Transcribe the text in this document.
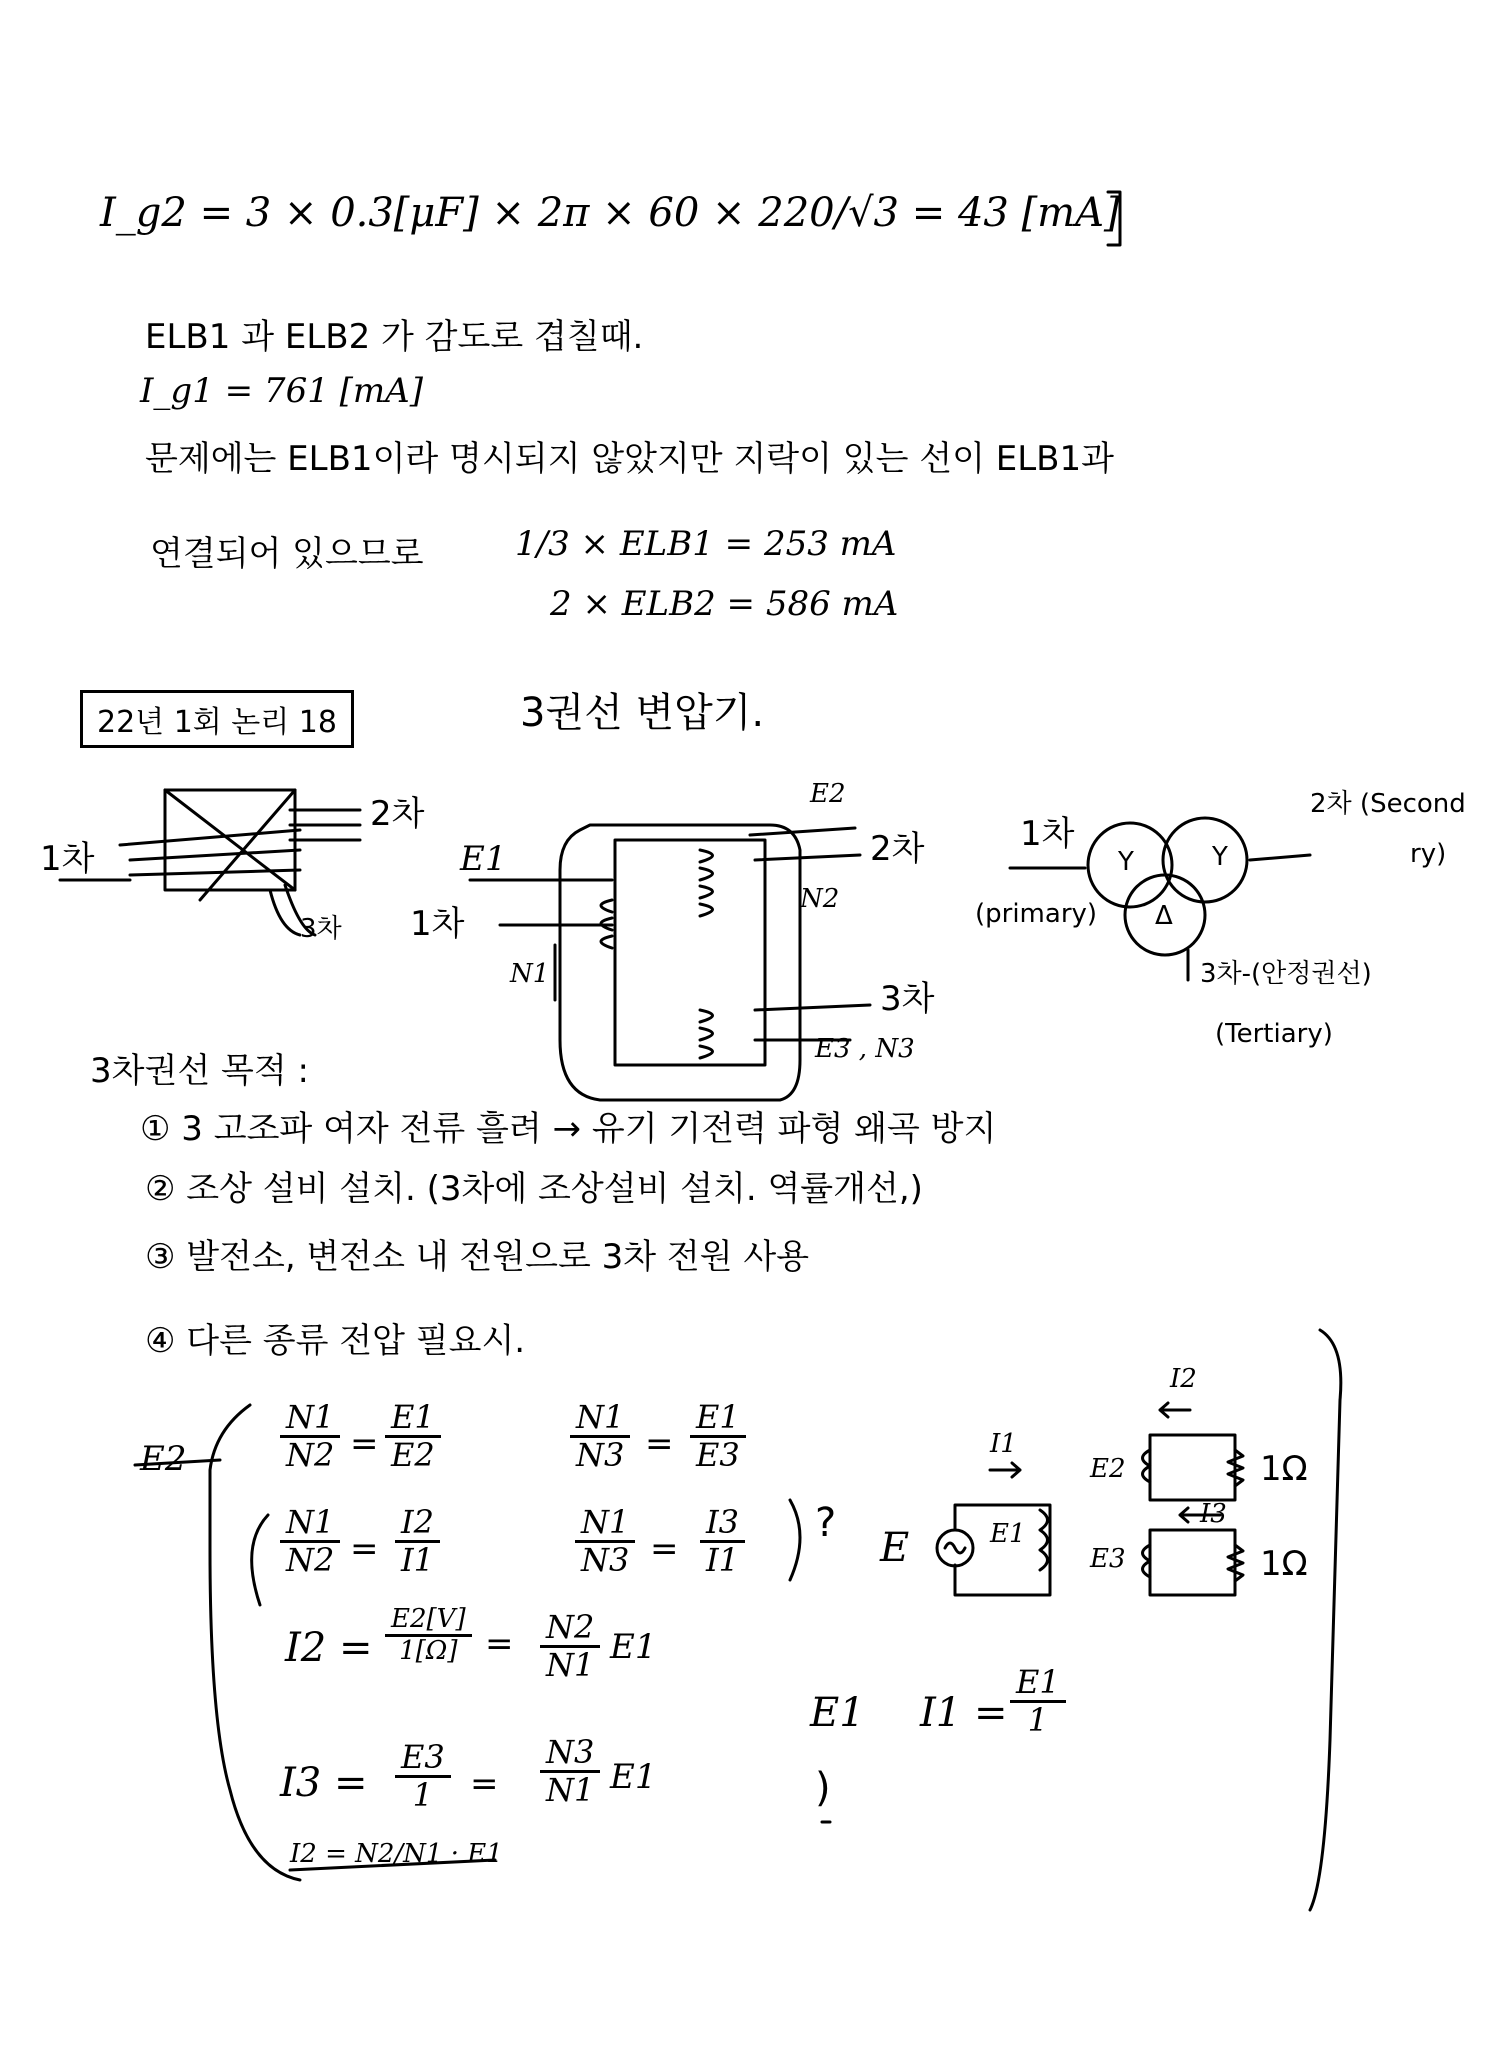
I_g2 = 3 × 0.3[μF] × 2π × 60 × 220/√3 = 43 [mA]
ELB1 과 ELB2 가 감도로 겹칠때.
I_g1 = 761 [mA]
문제에는 ELB1이라 명시되지 않았지만 지락이 있는 선이 ELB1과
연결되어 있으므로	1/3 × ELB1 = 253 mA
2 × ELB2 = 586 mA
22년 1회 논리 18	3권선 변압기.
1차
2차
3차
E1
E2
1차
2차
N1
N2
3차
E3 , N3
1차
(primary)
Y	Y
Δ
2차 (Second
ry)
3차-(안정권선)
(Tertiary)
3차권선 목적 :
① 3 고조파 여자 전류 흘려 → 유기 기전력 파형 왜곡 방지
② 조상 설비 설치. (3차에 조상설비 설치. 역률개선,)
③ 발전소, 변전소 내 전원으로 3차 전원 사용
④ 다른 종류 전압 필요시.
E2	$\frac{N1}{N2} = \frac{E1}{E2}$	$\frac{N1}{N3} = \frac{E1}{E3}$
$\frac{N1}{N2} = \frac{I2}{I1}$	$\frac{N1}{N3} = \frac{I3}{I1}$ ?
$I2 = \frac{E2[V]}{1[\Omega]} = \frac{N2}{N1} E1$
$I3 = \frac{E3}{1} = \frac{N3}{N1} E1$
I2 = N2/N1 · E1
E	E1
I1
I2
I3
E2
E3
1Ω
1Ω
E1 $I1 = \frac{E1}{1}$
)
